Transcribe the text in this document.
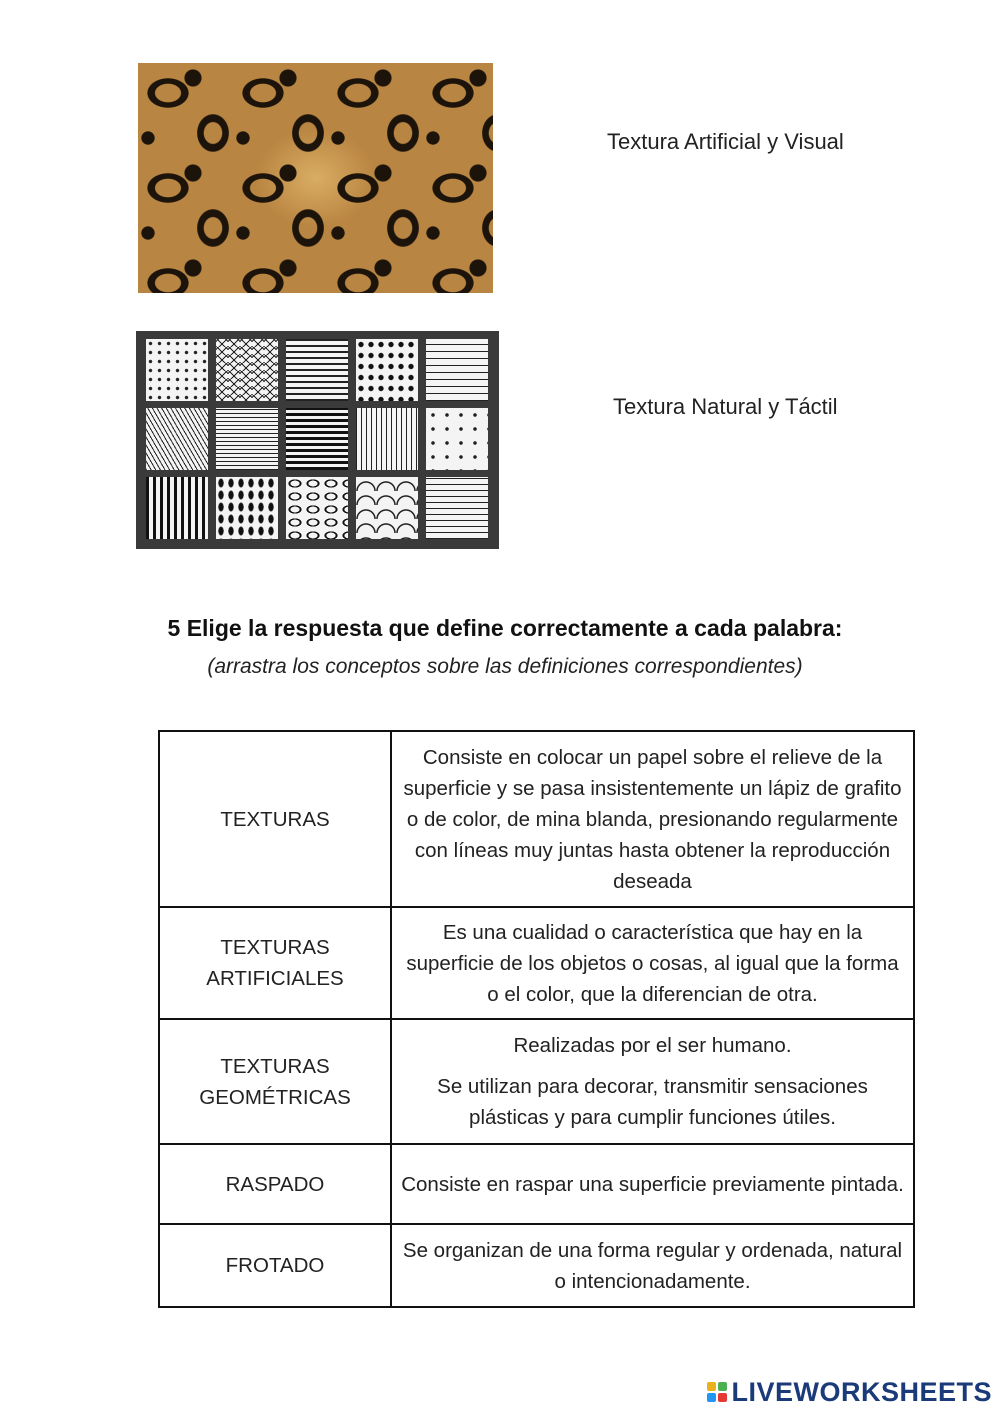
Textura Artificial y Visual
Textura Natural y Táctil
5 Elige la respuesta que define correctamente a cada palabra:
(arrastra los conceptos sobre las definiciones correspondientes)
TEXTURAS	Consiste en colocar un papel sobre el relieve de la superficie y se pasa insistentemente un lápiz de grafito o de color, de mina blanda, presionando regularmente con líneas muy juntas hasta obtener la reproducción deseada

TEXTURAS ARTIFICIALES	Es una cualidad o característica que hay en la superficie de los objetos o cosas, al igual que la forma o el color, que la diferencian de otra.

TEXTURAS GEOMÉTRICAS	Realizadas por el ser humano.

Se utilizan para decorar, transmitir sensaciones plásticas y para cumplir funciones útiles.

RASPADO	Consiste en raspar una superficie previamente pintada.

FROTADO	Se organizan de una forma regular y ordenada, natural o intencionadamente.

LIVEWORKSHEETS
